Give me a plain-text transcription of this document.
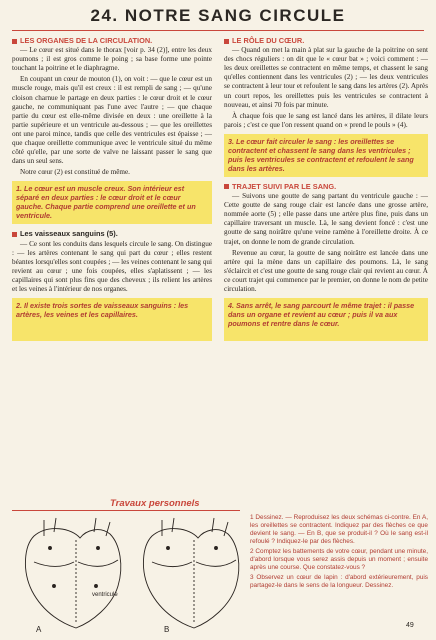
24. NOTRE SANG CIRCULE
LES ORGANES DE LA CIRCULATION.

— Le cœur est situé dans le thorax [voir p. 34 (2)], entre les deux poumons ; il est gros comme le poing ; sa base forme une pointe touchant la poitrine et le diaphragme.

En coupant un cœur de mouton (1), on voit : — que le cœur est un muscle rouge, mais qu'il est creux : il est rempli de sang ; — qu'une cloison charnue le partage en deux parties : le cœur droit et le cœur gauche, ne communiquant pas l'une avec l'autre ; — que chaque partie du cœur est elle-même divisée en deux : une oreillette à la partie supérieure et un ventricule au-dessous ; — que les oreillettes ont une paroi mince, tandis que celle des ventricules est épaisse ; — que chaque oreillette communique avec le ventricule situé du même côté qu'elle, par une sorte de valve ne laissant passer le sang que dans un seul sens.

Notre cœur (2) est constitué de même.

1. Le cœur est un muscle creux. Son intérieur est séparé en deux parties : le cœur droit et le cœur gauche. Chaque partie comprend une oreillette et un ventricule.
Les vaisseaux sanguins (5).

— Ce sont les conduits dans lesquels circule le sang. On distingue : — les artères contenant le sang qui part du cœur ; elles restent béantes lorsqu'elles sont coupées ; — les veines contenant le sang qui revient au cœur ; une fois coupées, elles s'aplatissent ; — les capillaires qui sont plus fins que des cheveux ; ils relient les artères et les veines à l'intérieur de nos organes.

2. Il existe trois sortes de vaisseaux sanguins : les artères, les veines et les capillaires.
LE RÔLE DU CŒUR.

— Quand on met la main à plat sur la gauche de la poitrine on sent des chocs réguliers : on dit que le « cœur bat » ; voici comment : — les deux oreillettes se contractent en même temps, et chassent le sang qu'elles contiennent dans les ventricules (2) ; — les deux ventricules se contractent à leur tour et refoulent le sang dans les artères (2). Après un court repos, les oreillettes puis les ventricules se contractent à nouveau, et ainsi 70 fois par minute.

À chaque fois que le sang est lancé dans les artères, il dilate leurs parois ; c'est ce que l'on ressent quand on « prend le pouls » (4).

3. Le cœur fait circuler le sang : les oreillettes se contractent et chassent le sang dans les ventricules ; puis les ventricules se contractent et refoulent le sang dans les artères.
TRAJET SUIVI PAR LE SANG.

— Suivons une goutte de sang partant du ventricule gauche : — Cette goutte de sang rouge clair est lancée dans une grosse artère, nommée aorte (5) ; elle passe dans une artère plus fine, puis dans un capillaire traversant un muscle. Là, le sang devient foncé : c'est une goutte de sang noirâtre qu'une veine ramène à l'oreillette droite. À ce trajet, on donne le nom de grande circulation.

Revenue au cœur, la goutte de sang noirâtre est lancée dans une artère qui la mène dans un capillaire des poumons. Là, le sang s'éclaircit et c'est une goutte de sang rouge clair qui revient au cœur. À ce court trajet qui commence par le premier, on donne le nom de petite circulation.

4. Sans arrêt, le sang parcourt le même trajet : il passe dans un organe et revient au cœur ; puis il va aux poumons et rentre dans le cœur.
Travaux personnels
A
ventricule
B

1 Dessinez. — Reproduisez les deux schémas ci-contre. En A, les oreillettes se contractent. Indiquez par des flèches ce que devient le sang. — En B, que se produit-il ? Où le sang est-il refoulé ? Indiquez-le par des flèches.

2 Comptez les battements de votre cœur, pendant une minute, d'abord lorsque vous serez assis depuis un moment ; ensuite après une course. Que constatez-vous ?

3 Observez un cœur de lapin : d'abord extérieurement, puis partagez-le dans le sens de la longueur. Dessinez.

49
